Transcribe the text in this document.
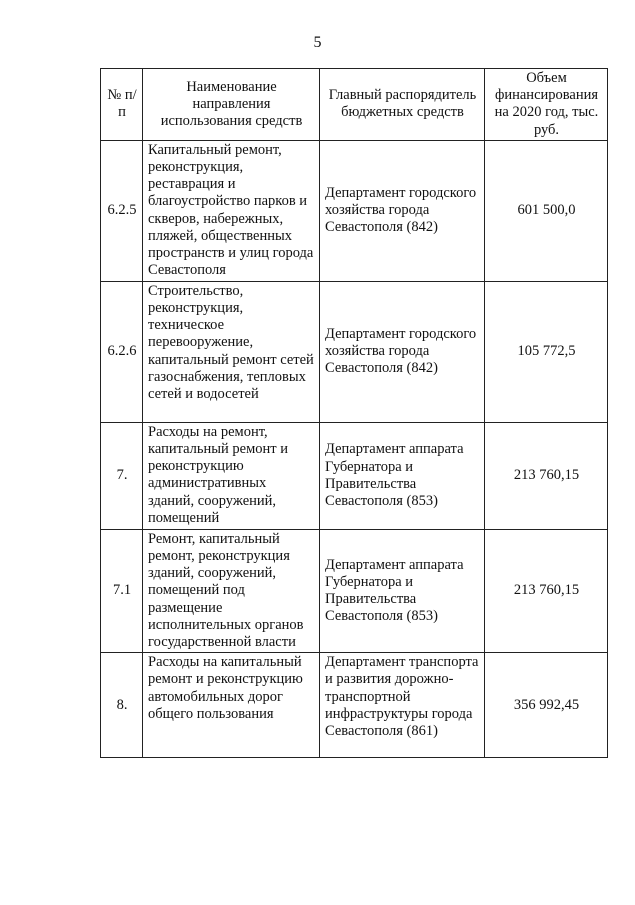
5
№ п/п	Наименование направления использования средств	Главный распорядитель бюджетных средств	Объем финансирования на 2020 год, тыс. руб.
6.2.5	Капитальный ремонт, реконструкция, реставрация и благоустройство парков и скверов, набережных, пляжей, общественных пространств и улиц города Севастополя	Департамент городского хозяйства города Севастополя (842)	601 500,0
6.2.6	Строительство, реконструкция, техническое перевооружение, капитальный ремонт сетей газоснабжения, тепловых сетей и водосетей	Департамент городского хозяйства города Севастополя (842)	105 772,5
7.	Расходы на ремонт, капитальный ремонт и реконструкцию административных зданий, сооружений, помещений	Департамент аппарата Губернатора и Правительства Севастополя (853)	213 760,15
7.1	Ремонт, капитальный ремонт, реконструкция зданий, сооружений, помещений под размещение исполнительных органов государственной власти	Департамент аппарата Губернатора и Правительства Севастополя (853)	213 760,15
8.	Расходы на капитальный ремонт и реконструкцию автомобильных дорог общего пользования	Департамент транспорта и развития дорожно-транспортной инфраструктуры города Севастополя (861)	356 992,45
